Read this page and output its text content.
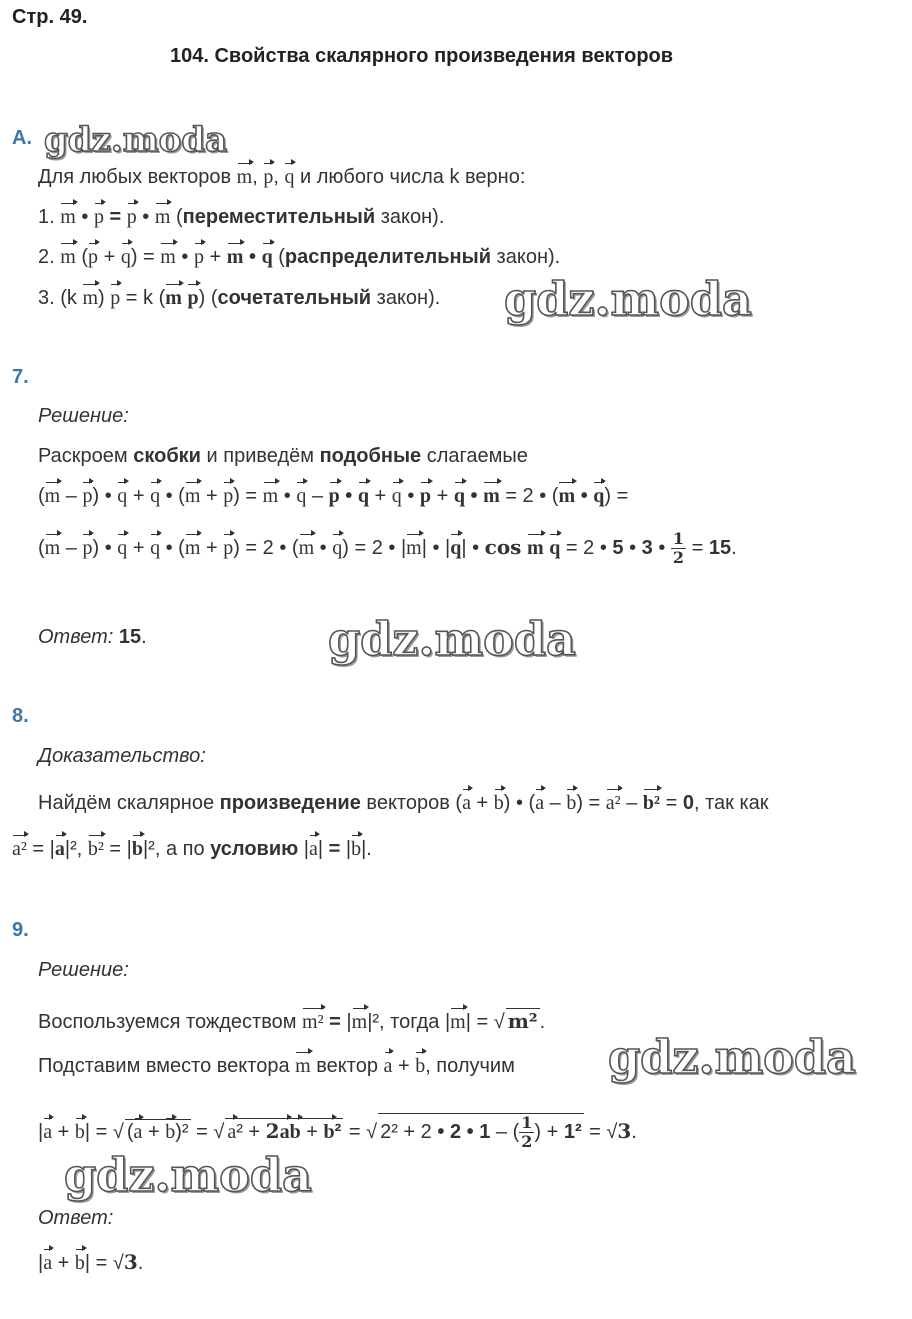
Стр. 49.
104. Свойства скалярного произведения векторов
А. gdz.moda
Для любых векторов m, p, q и любого числа k верно:
1. m • p = p • m (переместительный закон).
2. m (p + q) = m • p + m • q (распределительный закон).
3. (k m) p = k (m p) (сочетательный закон). gdz.moda
7.
Решение:
Раскроем скобки и приведём подобные слагаемые
(m – p) • q + q • (m + p) = m • q – p • q + q • p + q • m = 2 • (m • q) =
(m – p) • q + q • (m + p) = 2 • (m • q) = 2 • |m| • |q| • cos m q = 2 • 5 • 3 • $\frac{1}{2} = 15$.
Ответ: 15.	gdz.moda
8.
Доказательство:
Найдём скалярное произведение векторов (a + b) • (a – b) = a² – b² = 0, так как
a² = |a|², b² = |b|², а по условию |a| = |b|.
9.
Решение:
Воспользуемся тождеством m² = |m|², тогда |m| = √ m² .
Подставим вместо вектора m вектор a + b, получим gdz.moda
|a + b| = √ (a + b)² = √ a² + 2ab + b² = √ 2² + 2 • 2 • 1 – ( $\frac{1}{2}$ ) + 1² = √3.
gdz.moda
Ответ:
|a + b| = √3.
